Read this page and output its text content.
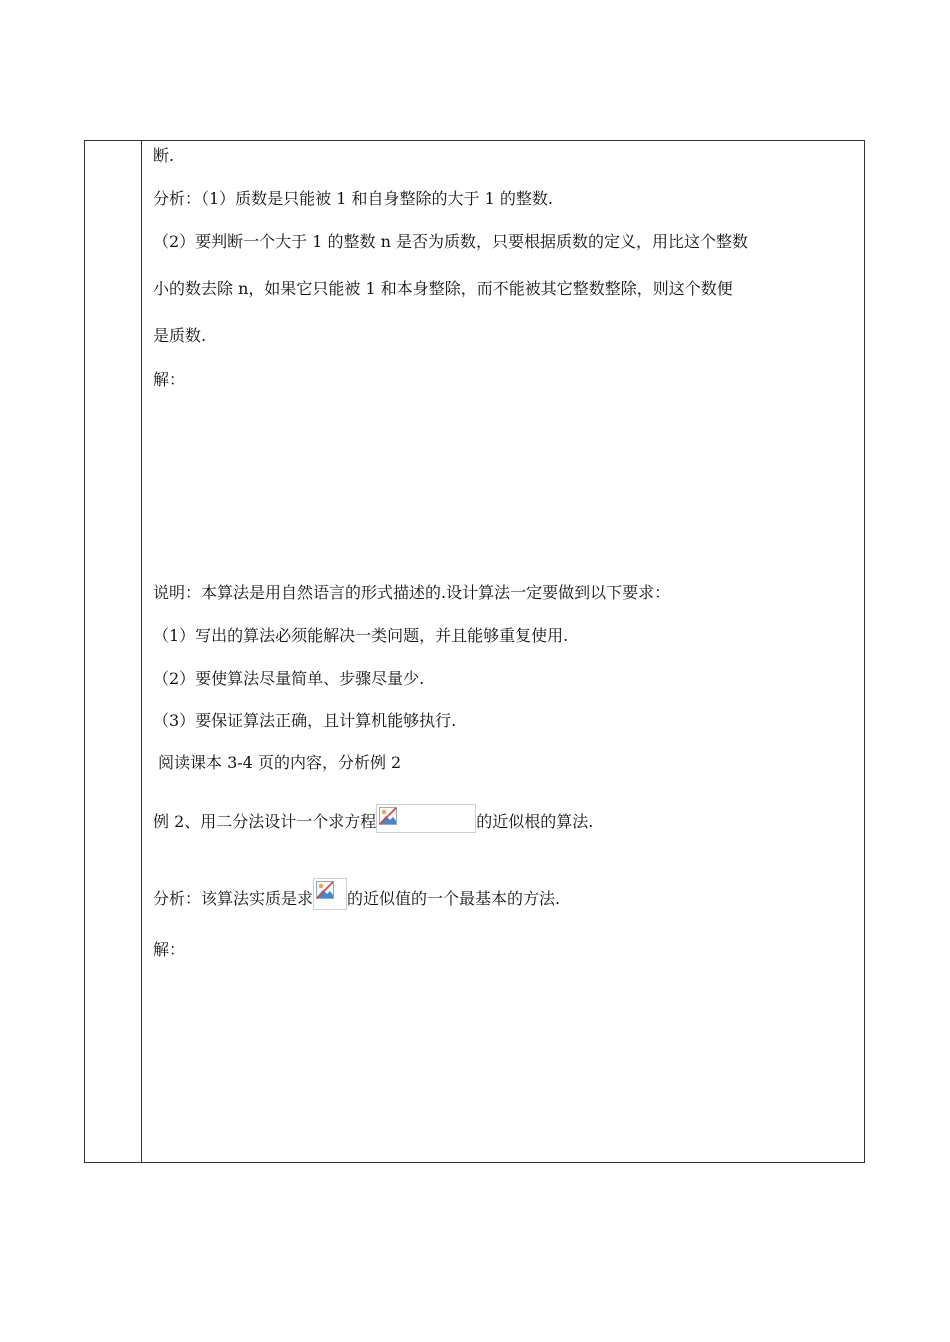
断.
分析：（1）质数是只能被 1 和自身整除的大于 1 的整数.
（2）要判断一个大于 1 的整数 n 是否为质数，只要根据质数的定义，用比这个整数
小的数去除 n，如果它只能被 1 和本身整除，而不能被其它整数整除，则这个数便
是质数.
解：
说明：本算法是用自然语言的形式描述的.设计算法一定要做到以下要求：
（1）写出的算法必须能解决一类问题，并且能够重复使用.
（2）要使算法尽量简单、步骤尽量少.
（3）要保证算法正确，且计算机能够执行.
阅读课本 3-4 页的内容，分析例 2
例 2、用二分法设计一个求方程	的近似根的算法.
分析：该算法实质是求 的近似值的一个最基本的方法.
解：
